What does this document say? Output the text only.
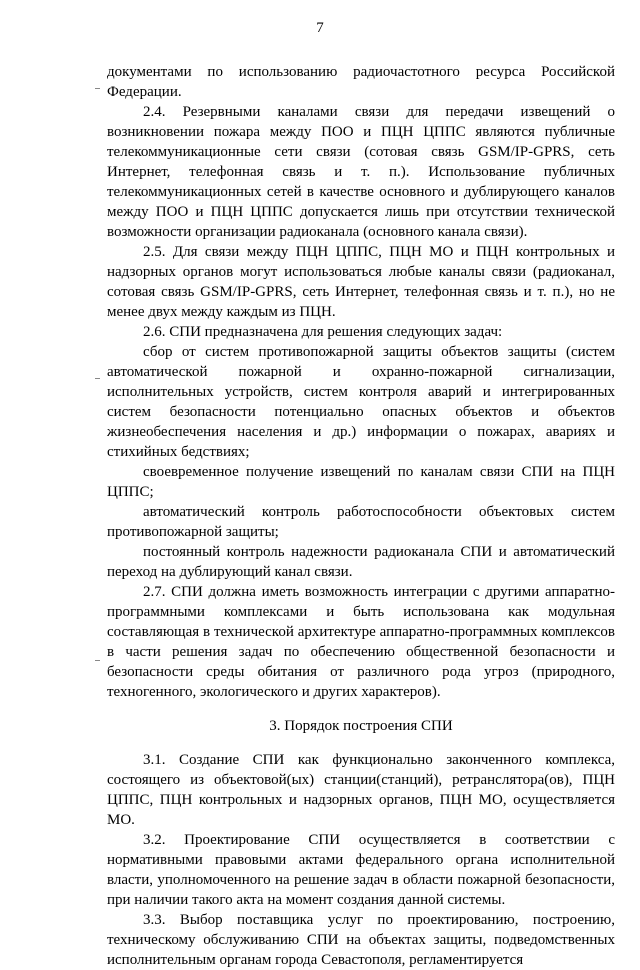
7

документами по использованию радиочастотного ресурса Российской Федерации.

2.4. Резервными каналами связи для передачи извещений о возникновении пожара между ПОО и ПЦН ЦППС являются публичные телекоммуникационные сети связи (сотовая связь GSM/IP-GPRS, сеть Интернет, телефонная связь и т. п.). Использование публичных телекоммуникационных сетей в качестве основного и дублирующего каналов между ПОО и ПЦН ЦППС допускается лишь при отсутствии технической возможности организации радиоканала (основного канала связи).

2.5. Для связи между ПЦН ЦППС, ПЦН МО и ПЦН контрольных и надзорных органов могут использоваться любые каналы связи (радиоканал, сотовая связь GSM/IP-GPRS, сеть Интернет, телефонная связь и т. п.), но не менее двух между каждым из ПЦН.

2.6. СПИ предназначена для решения следующих задач:

сбор от систем противопожарной защиты объектов защиты (систем автоматической пожарной и охранно-пожарной сигнализации, исполнительных устройств, систем контроля аварий и интегрированных систем безопасности потенциально опасных объектов и объектов жизнеобеспечения населения и др.) информации о пожарах, авариях и стихийных бедствиях;

своевременное получение извещений по каналам связи СПИ на ПЦН ЦППС;

автоматический контроль работоспособности объектовых систем противопожарной защиты;

постоянный контроль надежности радиоканала СПИ и автоматический переход на дублирующий канал связи.

2.7. СПИ должна иметь возможность интеграции с другими аппаратно-программными комплексами и быть использована как модульная составляющая в технической архитектуре аппаратно-программных комплексов в части решения задач по обеспечению общественной безопасности и безопасности среды обитания от различного рода угроз (природного, техногенного, экологического и других характеров).

3. Порядок построения СПИ

3.1. Создание СПИ как функционально законченного комплекса, состоящего из объектовой(ых) станции(станций), ретранслятора(ов), ПЦН ЦППС, ПЦН контрольных и надзорных органов, ПЦН МО, осуществляется МО.

3.2. Проектирование СПИ осуществляется в соответствии с нормативными правовыми актами федерального органа исполнительной власти, уполномоченного на решение задач в области пожарной безопасности, при наличии такого акта на момент создания данной системы.

3.3. Выбор поставщика услуг по проектированию, построению, техническому обслуживанию СПИ на объектах защиты, подведомственных исполнительным органам города Севастополя, регламентируется
